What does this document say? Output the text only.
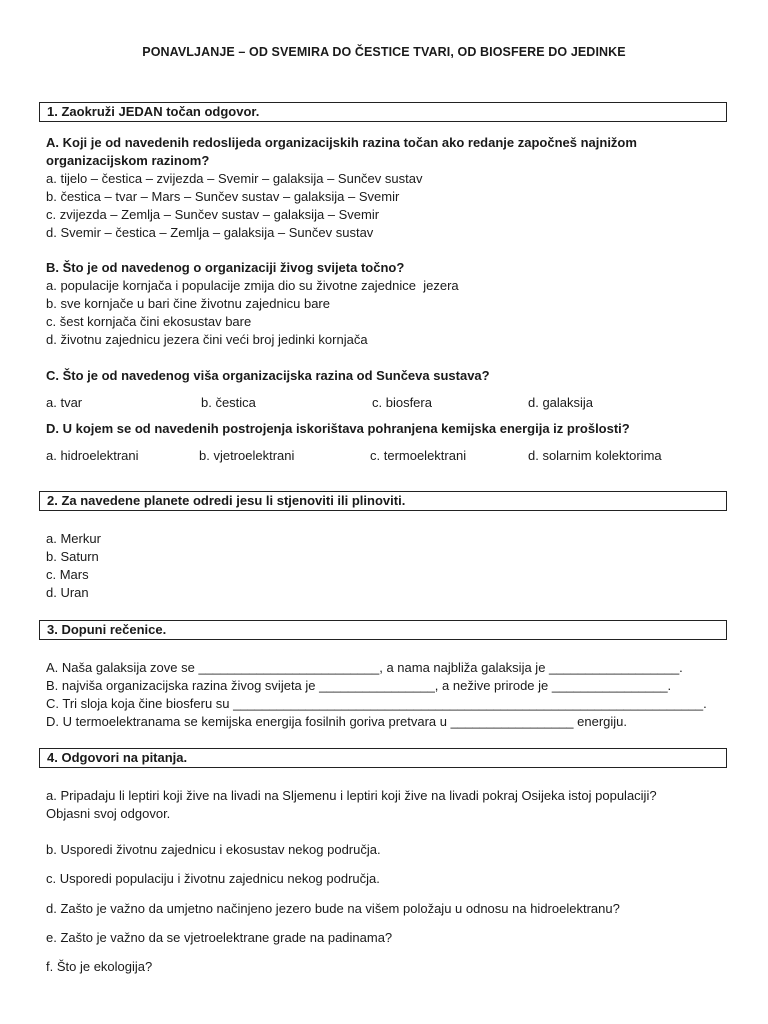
PONAVLJANJE – OD SVEMIRA DO ČESTICE TVARI, OD BIOSFERE DO JEDINKE
1. Zaokruži JEDAN točan odgovor.
A. Koji je od navedenih redoslijeda organizacijskih razina točan ako redanje započneš najnižom
organizacijskom razinom?
a. tijelo – čestica – zvijezda – Svemir – galaksija – Sunčev sustav
b. čestica – tvar – Mars – Sunčev sustav – galaksija – Svemir
c. zvijezda – Zemlja – Sunčev sustav – galaksija – Svemir
d. Svemir – čestica – Zemlja – galaksija – Sunčev sustav
B. Što je od navedenog o organizaciji živog svijeta točno?
a. populacije kornjača i populacije zmija dio su životne zajednice  jezera
b. sve kornjače u bari čine životnu zajednicu bare
c. šest kornjača čini ekosustav bare
d. životnu zajednicu jezera čini veći broj jedinki kornjača
C. Što je od navedenog viša organizacijska razina od Sunčeva sustava?
a. tvar	b. čestica	c. biosfera	d. galaksija
D. U kojem se od navedenih postrojenja iskorištava pohranjena kemijska energija iz prošlosti?
a. hidroelektrani	b. vjetroelektrani	c. termoelektrani	d. solarnim kolektorima
2. Za navedene planete odredi jesu li stjenoviti ili plinoviti.
a. Merkur
b. Saturn
c. Mars
d. Uran
3. Dopuni rečenice.
A. Naša galaksija zove se _________________________, a nama najbliža galaksija je __________________.
B. najviša organizacijska razina živog svijeta je ________________, a nežive prirode je ________________.
C. Tri sloja koja čine biosferu su _________________________________________________________________.
D. U termoelektranama se kemijska energija fosilnih goriva pretvara u _________________ energiju.
4. Odgovori na pitanja.
a. Pripadaju li leptiri koji žive na livadi na Sljemenu i leptiri koji žive na livadi pokraj Osijeka istoj populaciji?
Objasni svoj odgovor.
b. Usporedi životnu zajednicu i ekosustav nekog područja.
c. Usporedi populaciju i životnu zajednicu nekog područja.
d. Zašto je važno da umjetno načinjeno jezero bude na višem položaju u odnosu na hidroelektranu?
e. Zašto je važno da se vjetroelektrane grade na padinama?
f. Što je ekologija?
